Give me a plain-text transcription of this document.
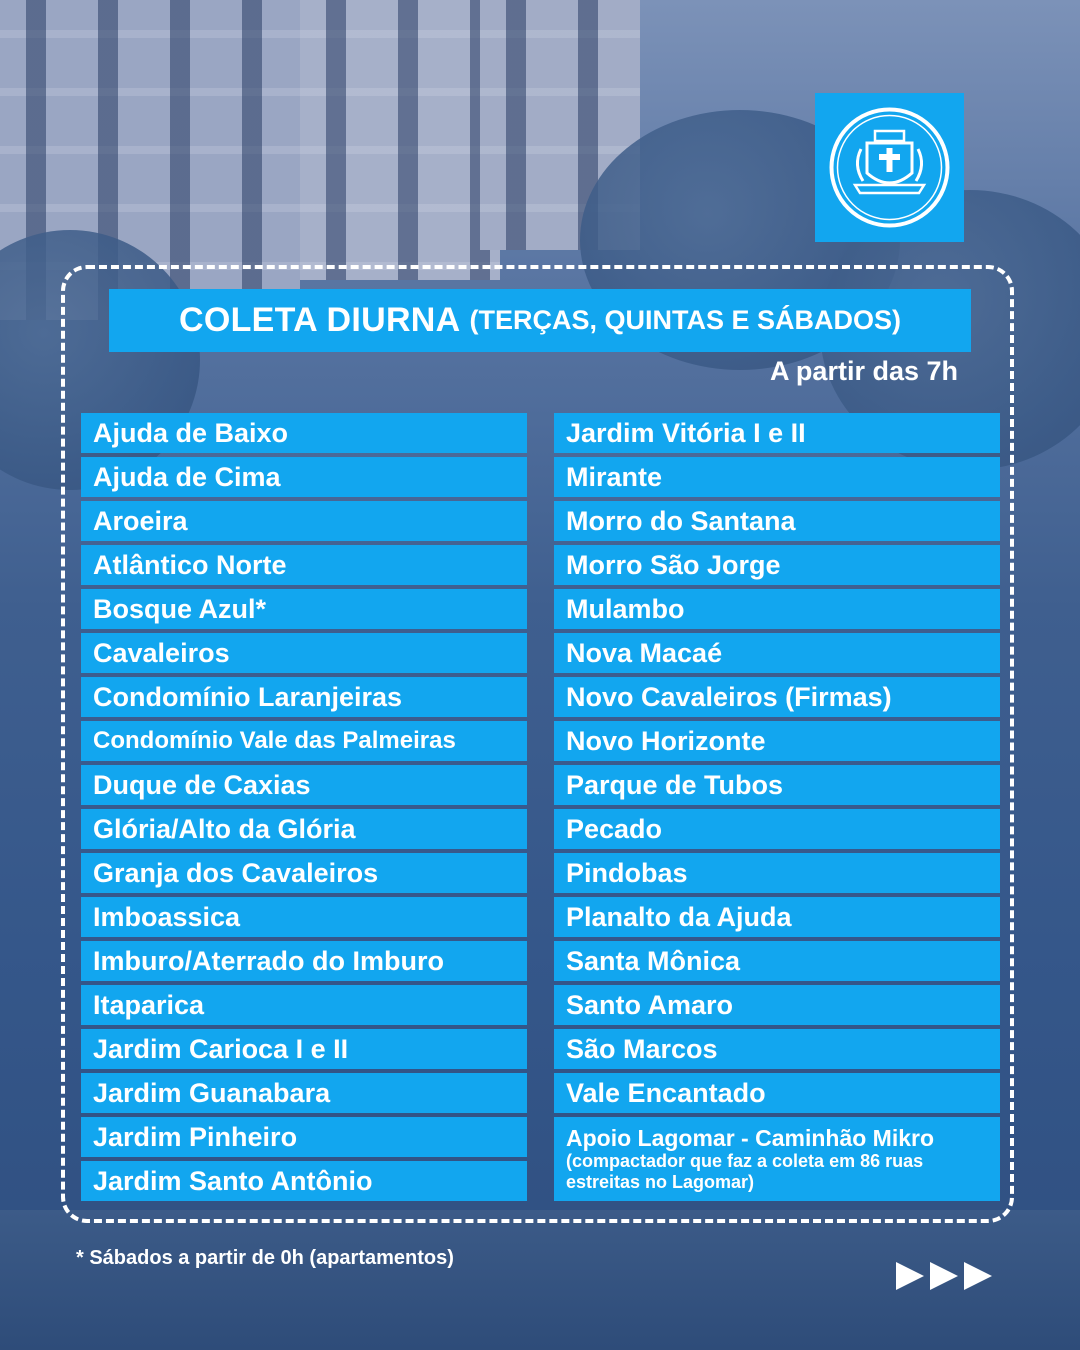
COLETA DIURNA (TERÇAS, QUINTAS E SÁBADOS)
A partir das 7h
Ajuda de Baixo
Ajuda de Cima
Aroeira
Atlântico Norte
Bosque Azul*
Cavaleiros
Condomínio Laranjeiras
Condomínio Vale das Palmeiras
Duque de Caxias
Glória/Alto da Glória
Granja dos Cavaleiros
Imboassica
Imburo/Aterrado do Imburo
Itaparica
Jardim Carioca I e II
Jardim Guanabara
Jardim Pinheiro
Jardim Santo Antônio
Jardim Vitória I e II
Mirante
Morro do Santana
Morro São Jorge
Mulambo
Nova Macaé
Novo Cavaleiros (Firmas)
Novo Horizonte
Parque de Tubos
Pecado
Pindobas
Planalto da Ajuda
Santa Mônica
Santo Amaro
São Marcos
Vale Encantado
Apoio Lagomar - Caminhão Mikro
(compactador que faz a coleta em 86 ruas estreitas no Lagomar)
* Sábados a partir de 0h (apartamentos)
